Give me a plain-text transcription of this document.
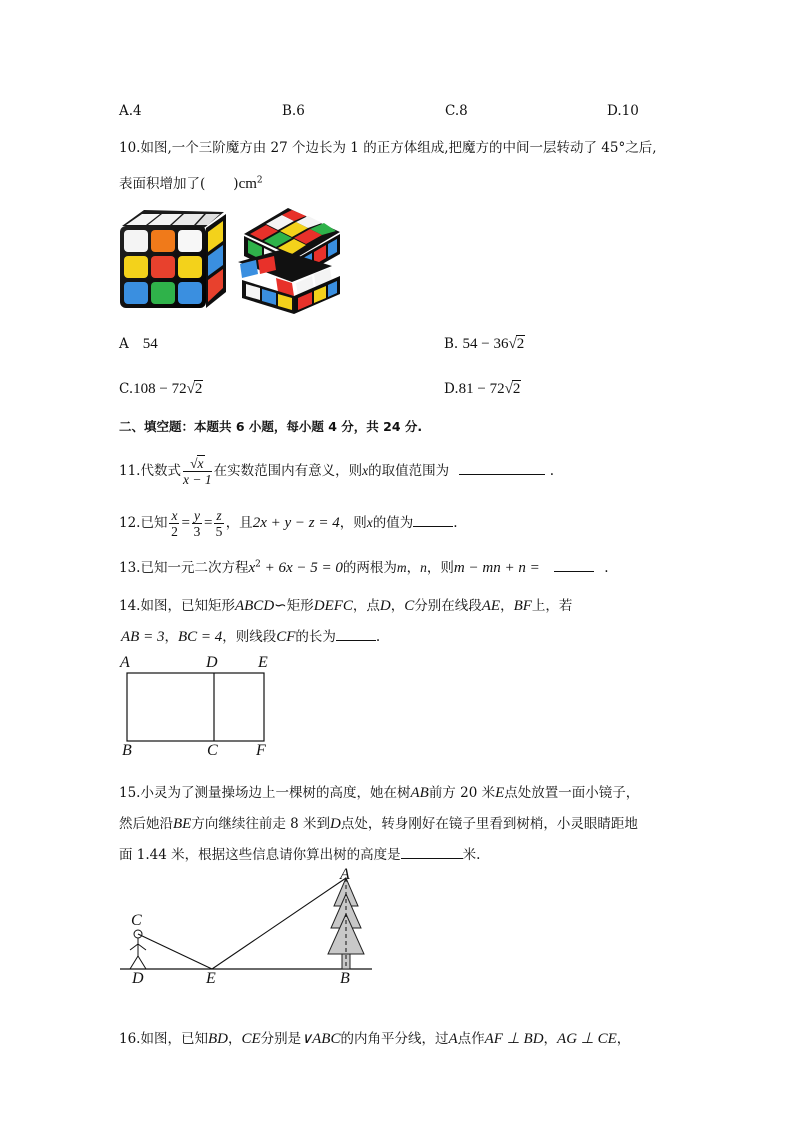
A.4	B.6	C.8	D.10
10.如图,一个三阶魔方由 27 个边长为 1 的正方体组成,把魔方的中间一层转动了 45°之后,
表面积增加了( )$cm^2$
A 54	B. 54 − 36√2
C.108 − 72√2	D.81 − 72√2
二、填空题：本题共 6 小题，每小题 4 分，共 24 分.
11.代数式 $\frac{√x}{x - 1}$ 在实数范围内有意义，则x的取值范围为	.
12.已知 $\frac{x}{2} = \frac{y}{3} = \frac{z}{5}$ ，且2x + y − z = 4，则x的值为	.
13.已知一元二次方程$x^2 + 6x - 5 = 0$的两根为m，n，则m − mn + n =	.
14.如图，已知矩形ABCD∽矩形DEFC，点D，C分别在线段AE，BF上，若
AB = 3，BC = 4，则线段CF的长为	.
A	D	E
B	C F
15.小灵为了测量操场边上一棵树的高度，她在树AB前方 20 米E点处放置一面小镜子，
然后她沿BE方向继续往前走 8 米到D点处，转身刚好在镜子里看到树梢，小灵眼睛距地
面 1.44 米，根据这些信息请你算出树的高度是	米.
A
C
D	E	B
16.如图，已知BD，CE分别是∨ABC的内角平分线，过A点作AF ⊥ BD，AG ⊥ CE，
